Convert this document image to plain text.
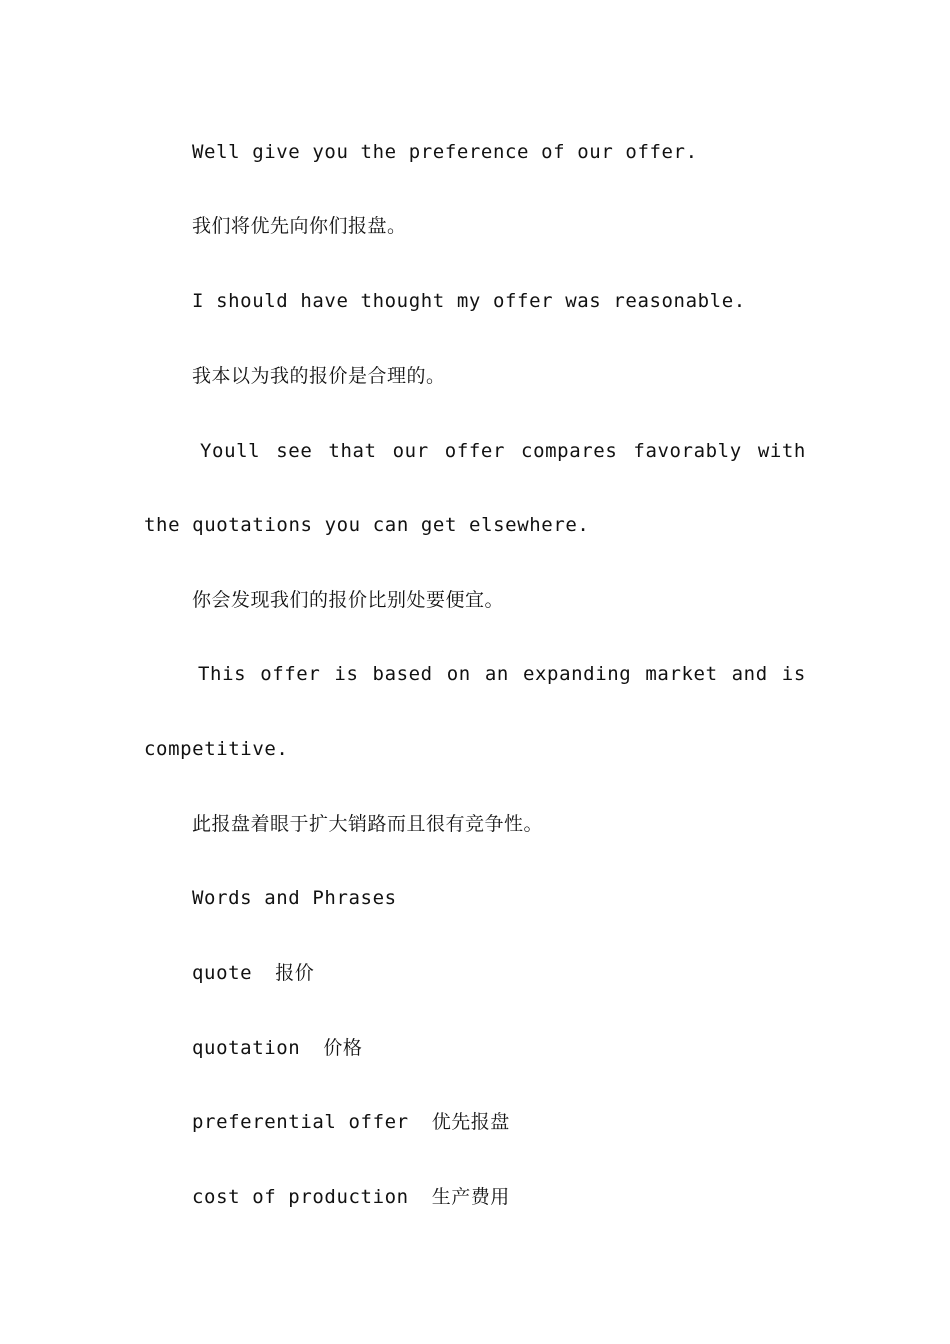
Well give you the preference of our offer.
我们将优先向你们报盘。
I should have thought my offer was reasonable.
我本以为我的报价是合理的。
Youll see that our offer compares favorably with
the quotations you can get elsewhere.
你会发现我们的报价比别处要便宜。
This offer is based on an expanding market and is
competitive.
此报盘着眼于扩大销路而且很有竞争性。
Words and Phrases
quote 报价
quotation 价格
preferential offer 优先报盘
cost of production 生产费用
